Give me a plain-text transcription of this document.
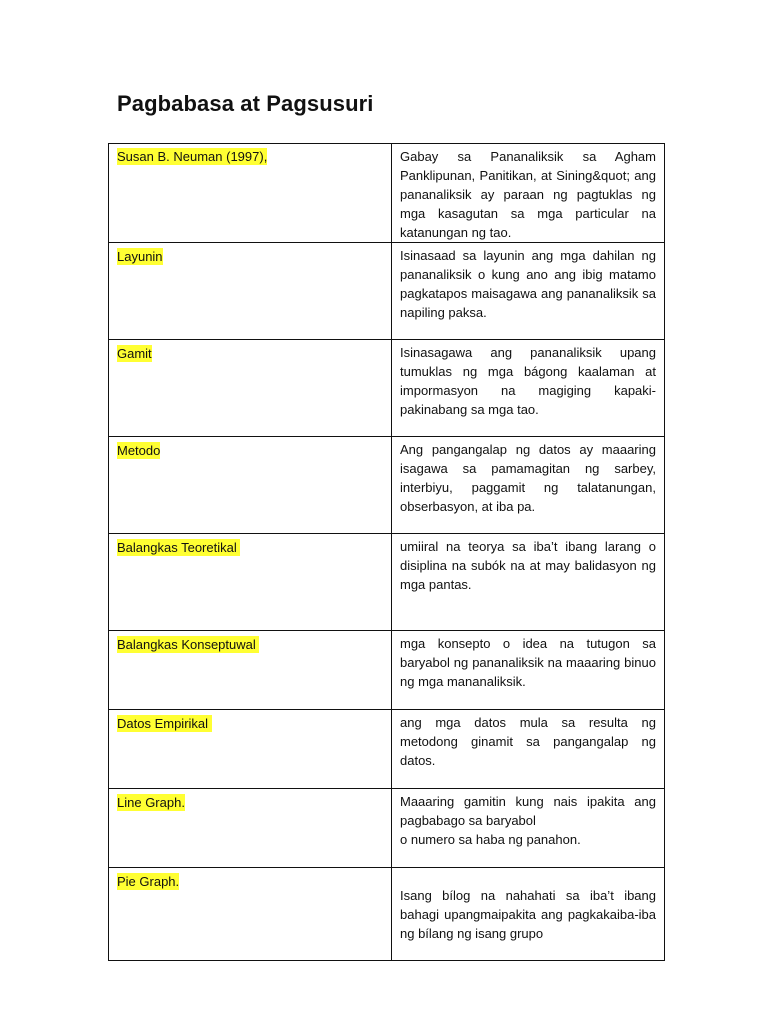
Pagbabasa at Pagsusuri
Susan B. Neuman (1997),	Gabay sa Pananaliksik sa Agham Panklipunan, Panitikan, at Sining&quot; ang pananaliksik ay paraan ng pagtuklas ng mga kasagutan sa mga particular na katanungan ng tao.

Layunin	Isinasaad sa layunin ang mga dahilan ng pananaliksik o kung ano ang ibig matamo pagkatapos maisagawa ang pananaliksik sa napiling paksa.

Gamit	Isinasagawa ang pananaliksik upang tumuklas ng mga bágong kaalaman at impormasyon na magiging kapaki-pakinabang sa mga tao.

Metodo	Ang pangangalap ng datos ay maaaring isagawa sa pamamagitan ng sarbey, interbiyu, paggamit ng talatanungan, obserbasyon, at iba pa.

Balangkas Teoretikal	umiiral na teorya sa iba’t ibang larang o disiplina na subók na at may balidasyon ng mga pantas.

Balangkas Konseptuwal	mga konsepto o idea na tutugon sa baryabol ng pananaliksik na maaaring binuo ng mga mananaliksik.

Datos Empirikal	ang mga datos mula sa resulta ng metodong ginamit sa pangangalap ng datos.

Line Graph.	Maaaring gamitin kung nais ipakita ang pagbabago sa baryabol
o numero sa haba ng panahon.

Pie Graph.	Isang bílog na nahahati sa iba’t ibang bahagi upangmaipakita ang pagkakaiba-iba ng bílang ng isang grupo
